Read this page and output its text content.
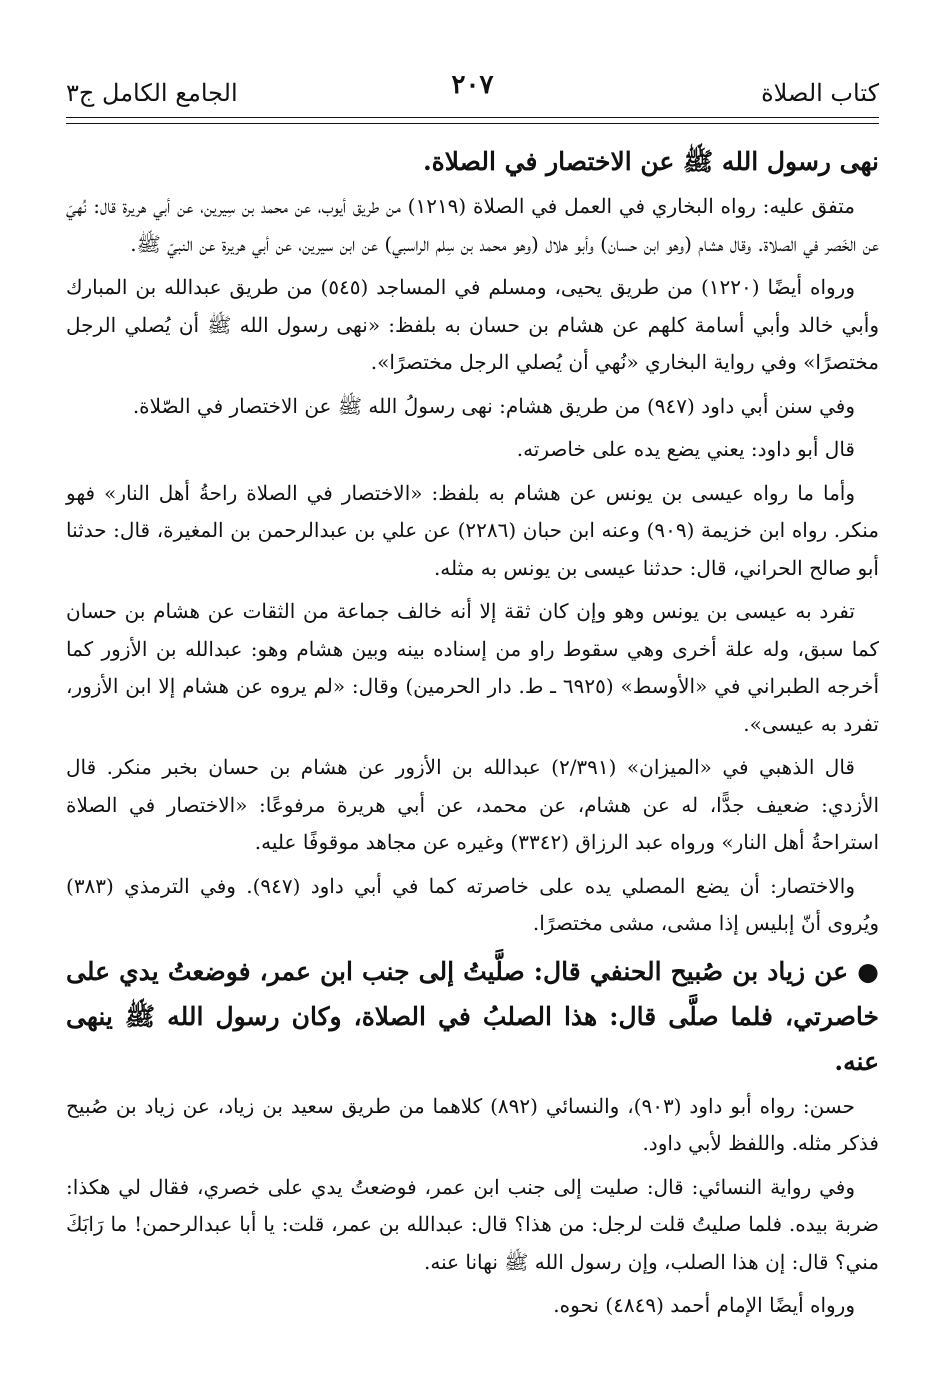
كتاب الصلاة
٢٠٧
الجامع الكامل ج٣

نهى رسول الله ﷺ عن الاختصار في الصلاة.

متفق عليه: رواه البخاري في العمل في الصلاة (١٢١٩) من طريق أيوب، عن محمد بن سِيرين، عن أبي هريرة قال: نُهيَ عن الخَصر في الصلاة. وقال هشام (وهو ابن حسان) وأبو هلال (وهو محمد بن سِلم الراسبي) عن ابن سيرين، عن أبي هريرة عن النبيّ ﷺ.

ورواه أيضًا (١٢٢٠) من طريق يحيى، ومسلم في المساجد (٥٤٥) من طريق عبدالله بن المبارك وأبي خالد وأبي أسامة كلهم عن هشام بن حسان به بلفظ: «نهى رسول الله ﷺ أن يُصلي الرجل مختصرًا» وفي رواية البخاري «نُهي أن يُصلي الرجل مختصرًا».

وفي سنن أبي داود (٩٤٧) من طريق هشام: نهى رسولُ الله ﷺ عن الاختصار في الصّلاة.

قال أبو داود: يعني يضع يده على خاصرته.

وأما ما رواه عيسى بن يونس عن هشام به بلفظ: «الاختصار في الصلاة راحةُ أهل النار» فهو منكر. رواه ابن خزيمة (٩٠٩) وعنه ابن حبان (٢٢٨٦) عن علي بن عبدالرحمن بن المغيرة، قال: حدثنا أبو صالح الحراني، قال: حدثنا عيسى بن يونس به مثله.

تفرد به عيسى بن يونس وهو وإن كان ثقة إلا أنه خالف جماعة من الثقات عن هشام بن حسان كما سبق، وله علة أخرى وهي سقوط راو من إسناده بينه وبين هشام وهو: عبدالله بن الأزور كما أخرجه الطبراني في «الأوسط» (٦٩٢٥ ـ ط. دار الحرمين) وقال: «لم يروه عن هشام إلا ابن الأزور، تفرد به عيسى».

قال الذهبي في «الميزان» (٢/٣٩١) عبدالله بن الأزور عن هشام بن حسان بخبر منكر. قال الأزدي: ضعيف جدًّا، له عن هشام، عن محمد، عن أبي هريرة مرفوعًا: «الاختصار في الصلاة استراحةُ أهل النار» ورواه عبد الرزاق (٣٣٤٢) وغيره عن مجاهد موقوفًا عليه.

والاختصار: أن يضع المصلي يده على خاصرته كما في أبي داود (٩٤٧). وفي الترمذي (٣٨٣) ويُروى أنّ إبليس إذا مشى، مشى مختصرًا.

● عن زياد بن صُبيح الحنفي قال: صلَّيتُ إلى جنب ابن عمر، فوضعتُ يدي على خاصرتي، فلما صلَّى قال: هذا الصلبُ في الصلاة، وكان رسول الله ﷺ ينهى عنه.

حسن: رواه أبو داود (٩٠٣)، والنسائي (٨٩٢) كلاهما من طريق سعيد بن زياد، عن زياد بن صُبيح فذكر مثله. واللفظ لأبي داود.

وفي رواية النسائي: قال: صليت إلى جنب ابن عمر، فوضعتُ يدي على خصري، فقال لي هكذا: ضربة بيده. فلما صليتُ قلت لرجل: من هذا؟ قال: عبدالله بن عمر، قلت: يا أبا عبدالرحمن! ما رَابَكَ مني؟ قال: إن هذا الصلب، وإن رسول الله ﷺ نهانا عنه.

ورواه أيضًا الإمام أحمد (٤٨٤٩) نحوه.
